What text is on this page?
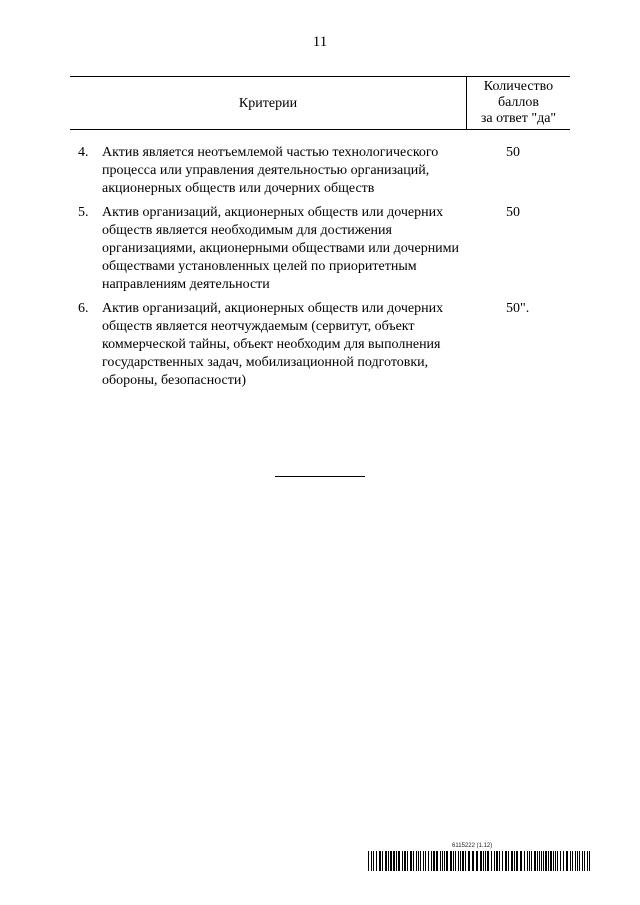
11
Критерии
Количество
баллов
за ответ "да"
4. Актив является неотъемлемой частью технологического процесса или управления деятельностью организаций, акционерных обществ или дочерних обществ
50
5. Актив организаций, акционерных обществ или дочерних обществ является необходимым для достижения организациями, акционерными обществами или дочерними обществами установленных целей по приоритетным направлениям деятельности
50
6. Актив организаций, акционерных обществ или дочерних обществ является неотчуждаемым (сервитут, объект коммерческой тайны, объект необходим для выполнения государственных задач, мобилизационной подготовки, обороны, безопасности)
50".
6115222 (1.12)
